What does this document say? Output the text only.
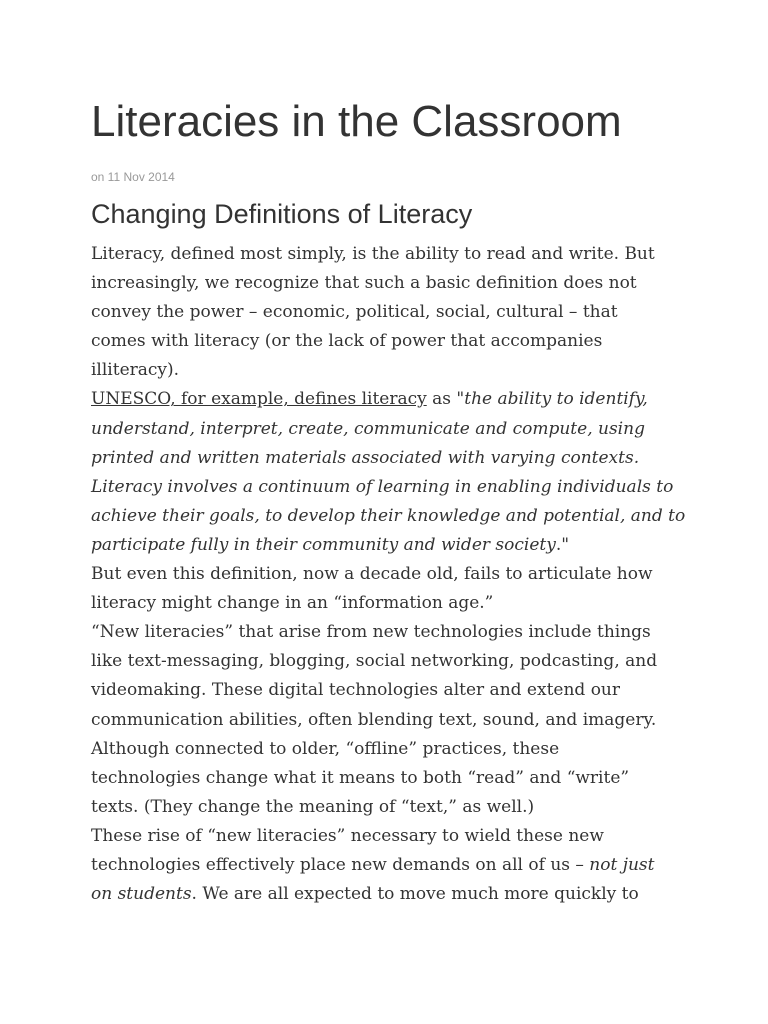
Literacies in the Classroom
on 11 Nov 2014
Changing Definitions of Literacy

Literacy, defined most simply, is the ability to read and write. But
increasingly, we recognize that such a basic definition does not
convey the power – economic, political, social, cultural – that
comes with literacy (or the lack of power that accompanies
illiteracy).

UNESCO, for example, defines literacy as "the ability to identify,
understand, interpret, create, communicate and compute, using
printed and written materials associated with varying contexts.
Literacy involves a continuum of learning in enabling individuals to
achieve their goals, to develop their knowledge and potential, and to
participate fully in their community and wider society."

But even this definition, now a decade old, fails to articulate how
literacy might change in an “information age.”

“New literacies” that arise from new technologies include things
like text-messaging, blogging, social networking, podcasting, and
videomaking. These digital technologies alter and extend our
communication abilities, often blending text, sound, and imagery.
Although connected to older, “offline” practices, these
technologies change what it means to both “read” and “write”
texts. (They change the meaning of “text,” as well.)

These rise of “new literacies” necessary to wield these new
technologies effectively place new demands on all of us – not just
on students. We are all expected to move much more quickly to
